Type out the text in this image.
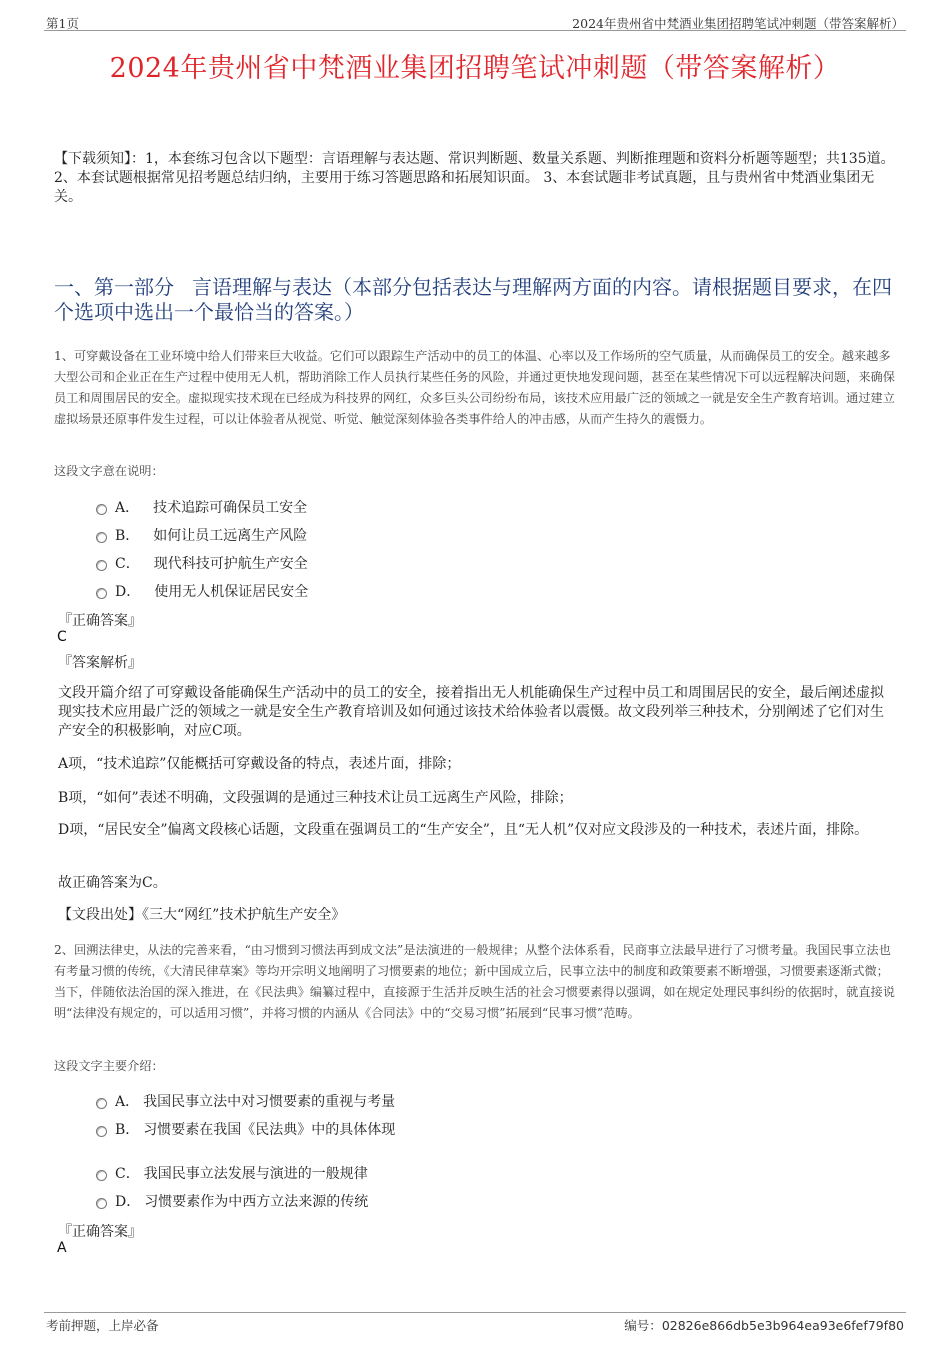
第1页	2024年贵州省中梵酒业集团招聘笔试冲刺题（带答案解析）
2024年贵州省中梵酒业集团招聘笔试冲刺题（带答案解析）
【下载须知】：1，本套练习包含以下题型：言语理解与表达题、常识判断题、数量关系题、判断推理题和资料分析题等题型；共135道。 2、本套试题根据常见招考题总结归纳，主要用于练习答题思路和拓展知识面。 3、本套试题非考试真题，且与贵州省中梵酒业集团无关。
一、第一部分 言语理解与表达（本部分包括表达与理解两方面的内容。请根据题目要求，在四个选项中选出一个最恰当的答案。）
1、可穿戴设备在工业环境中给人们带来巨大收益。它们可以跟踪生产活动中的员工的体温、心率以及工作场所的空气质量，从而确保员工的安全。越来越多大型公司和企业正在生产过程中使用无人机，帮助消除工作人员执行某些任务的风险，并通过更快地发现问题，甚至在某些情况下可以远程解决问题，来确保员工和周围居民的安全。虚拟现实技术现在已经成为科技界的网红，众多巨头公司纷纷布局，该技术应用最广泛的领域之一就是安全生产教育培训。通过建立虚拟场景还原事件发生过程，可以让体验者从视觉、听觉、触觉深刻体验各类事件给人的冲击感，从而产生持久的震慑力。
这段文字意在说明：
A． 技术追踪可确保员工安全
B． 如何让员工远离生产风险
C． 现代科技可护航生产安全
D． 使用无人机保证居民安全
『正确答案』
C
『答案解析』
文段开篇介绍了可穿戴设备能确保生产活动中的员工的安全，接着指出无人机能确保生产过程中员工和周围居民的安全，最后阐述虚拟现实技术应用最广泛的领域之一就是安全生产教育培训及如何通过该技术给体验者以震慑。故文段列举三种技术，分别阐述了它们对生产安全的积极影响，对应C项。
A项，“技术追踪”仅能概括可穿戴设备的特点，表述片面，排除；
B项，“如何”表述不明确，文段强调的是通过三种技术让员工远离生产风险，排除；
D项，“居民安全”偏离文段核心话题，文段重在强调员工的“生产安全”，且“无人机”仅对应文段涉及的一种技术，表述片面，排除。
故正确答案为C。
【文段出处】《三大“网红”技术护航生产安全》
2、回溯法律史，从法的完善来看，“由习惯到习惯法再到成文法”是法演进的一般规律；从整个法体系看，民商事立法最早进行了习惯考量。我国民事立法也有考量习惯的传统，《大清民律草案》等均开宗明义地阐明了习惯要素的地位；新中国成立后，民事立法中的制度和政策要素不断增强，习惯要素逐渐式微；当下，伴随依法治国的深入推进，在《民法典》编纂过程中，直接源于生活并反映生活的社会习惯要素得以强调，如在规定处理民事纠纷的依据时，就直接说明“法律没有规定的，可以适用习惯”，并将习惯的内涵从《合同法》中的“交易习惯”拓展到“民事习惯”范畴。
这段文字主要介绍：
A． 我国民事立法中对习惯要素的重视与考量
B． 习惯要素在我国《民法典》中的具体体现
C． 我国民事立法发展与演进的一般规律
D． 习惯要素作为中西方立法来源的传统
『正确答案』
A
考前押题，上岸必备	编号：02826e866db5e3b964ea93e6fef79f80
